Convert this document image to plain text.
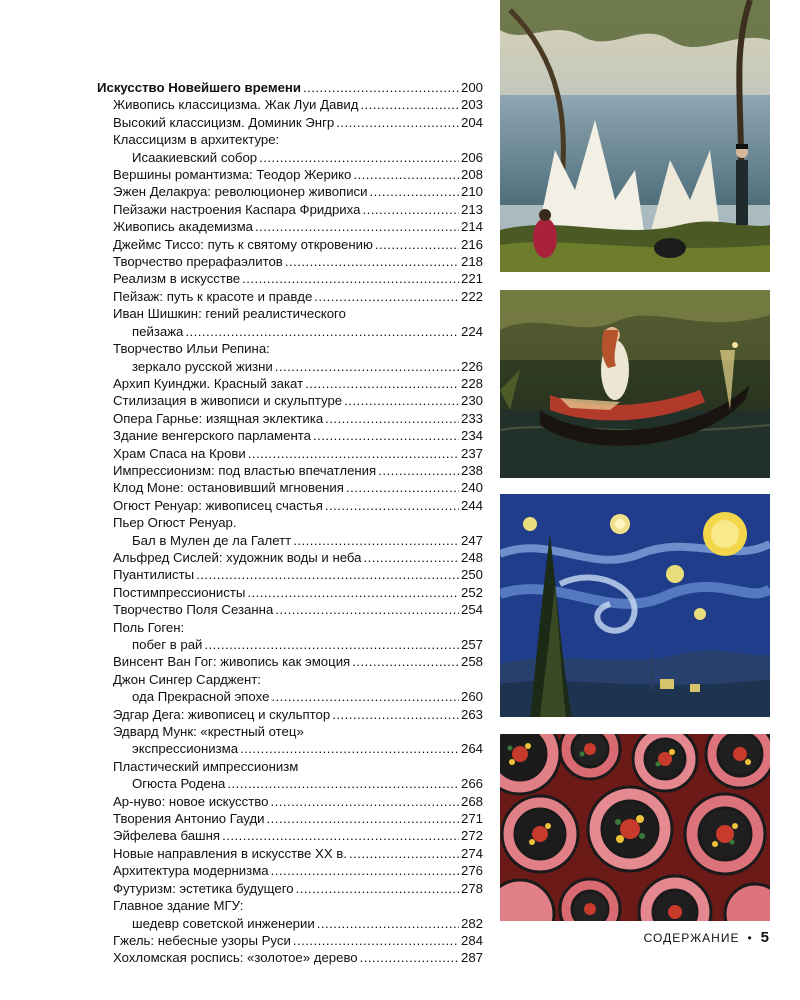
Искусство Новейшего времени . . .	200
Живопись классицизма. Жак Луи Давид . . .	203
Высокий классицизм. Доминик Энгр . . .	204
Классицизм в архитектуре:
Исаакиевский собор . . .	206
Вершины романтизма: Теодор Жерико . . .	208
Эжен Делакруа: революционер живописи . . .	210
Пейзажи настроения Каспара Фридриха . . .	213
Живопись академизма . . .	214
Джеймс Тиссо: путь к святому откровению . . .	216
Творчество прерафаэлитов . . .	218
Реализм в искусстве . . .	221
Пейзаж: путь к красоте и правде . . .	222
Иван Шишкин: гений реалистического
пейзажа . . .	224
Творчество Ильи Репина:
зеркало русской жизни . . .	226
Архип Куинджи. Красный закат . . .	228
Стилизация в живописи и скульптуре . . .	230
Опера Гарнье: изящная эклектика . . .	233
Здание венгерского парламента . . .	234
Храм Спаса на Крови . . .	237
Импрессионизм: под властью впечатления . . .	238
Клод Моне: остановивший мгновения . . .	240
Огюст Ренуар: живописец счастья . . .	244
Пьер Огюст Ренуар.
Бал в Мулен де ла Галетт . . .	247
Альфред Сислей: художник воды и неба . . .	248
Пуантилисты . . .	250
Постимпрессионисты . . .	252
Творчество Поля Сезанна . . .	254
Поль Гоген:
побег в рай . . .	257
Винсент Ван Гог: живопись как эмоция . . .	258
Джон Сингер Сарджент:
ода Прекрасной эпохе . . .	260
Эдгар Дега: живописец и скульптор . . .	263
Эдвард Мунк: «крестный отец»
экспрессионизма . . .	264
Пластический импрессионизм
Огюста Родена . . .	266
Ар-нуво: новое искусство . . .	268
Творения Антонио Гауди . . .	271
Эйфелева башня . . .	272
Новые направления в искусстве ХХ в. . . .	274
Архитектура модернизма . . .	276
Футуризм: эстетика будущего . . .	278
Главное здание МГУ:
шедевр советской инженерии . . .	282
Гжель: небесные узоры Руси . . .	284
Хохломская роспись: «золотое» дерево . . .	287
СОДЕРЖАНИЕ • 5
